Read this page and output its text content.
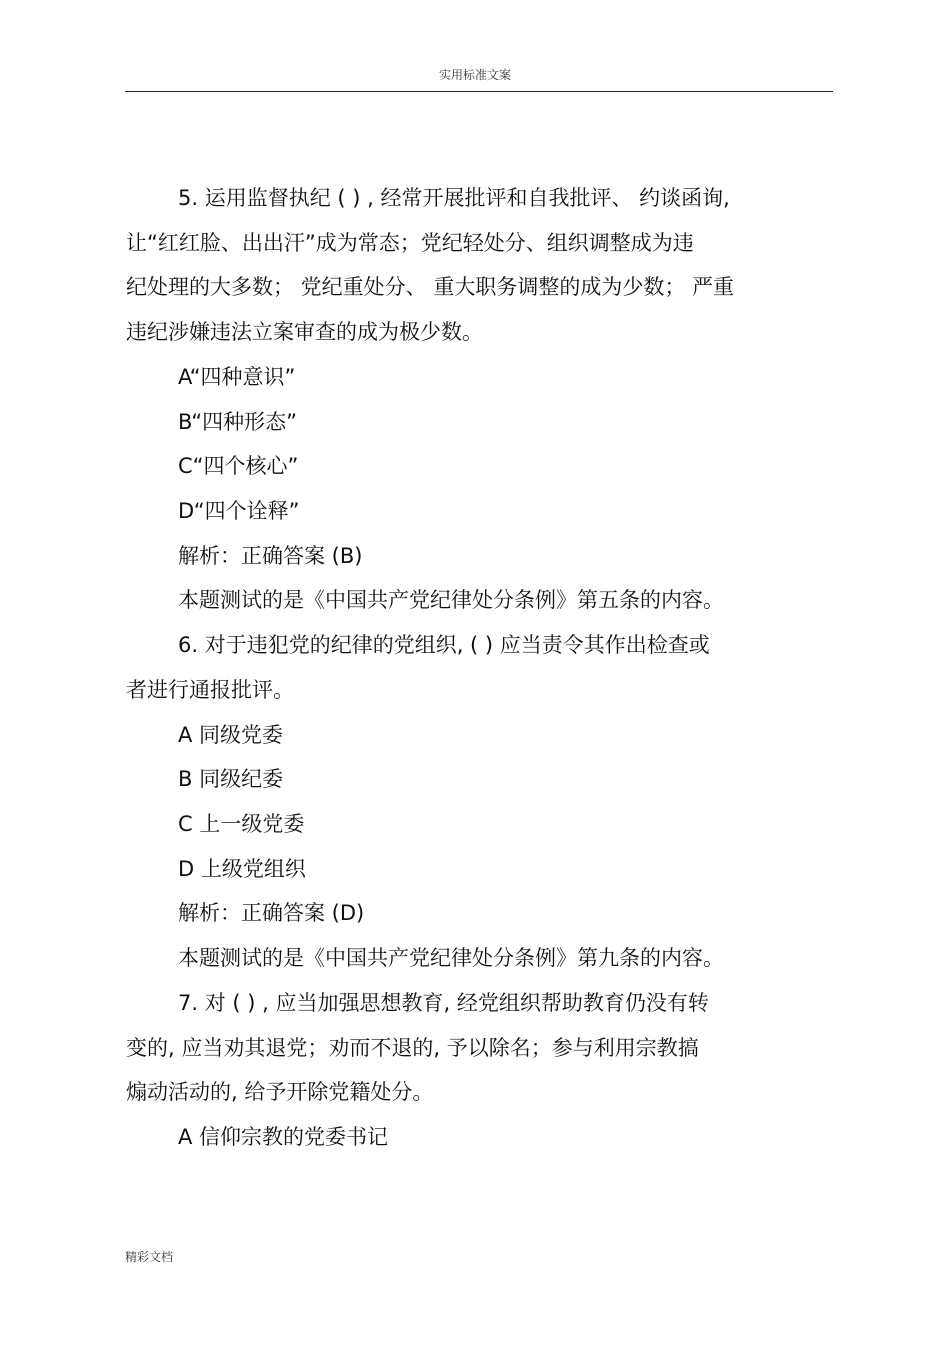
实用标准文案
5. 运用监督执纪 ( ) , 经常开展批评和自我批评、 约谈函询,
让“红红脸、出出汗”成为常态；党纪轻处分、组织调整成为违
纪处理的大多数； 党纪重处分、 重大职务调整的成为少数； 严重
违纪涉嫌违法立案审查的成为极少数。
A“四种意识”
B“四种形态”
C“四个核心”
D“四个诠释”
解析：正确答案 (B)
本题测试的是《中国共产党纪律处分条例》第五条的内容。
6. 对于违犯党的纪律的党组织, ( ) 应当责令其作出检查或
者进行通报批评。
A 同级党委
B 同级纪委
C 上一级党委
D 上级党组织
解析：正确答案 (D)
本题测试的是《中国共产党纪律处分条例》第九条的内容。
7. 对 ( ) , 应当加强思想教育, 经党组织帮助教育仍没有转
变的, 应当劝其退党；劝而不退的, 予以除名；参与利用宗教搞
煽动活动的, 给予开除党籍处分。
A 信仰宗教的党委书记
精彩文档
